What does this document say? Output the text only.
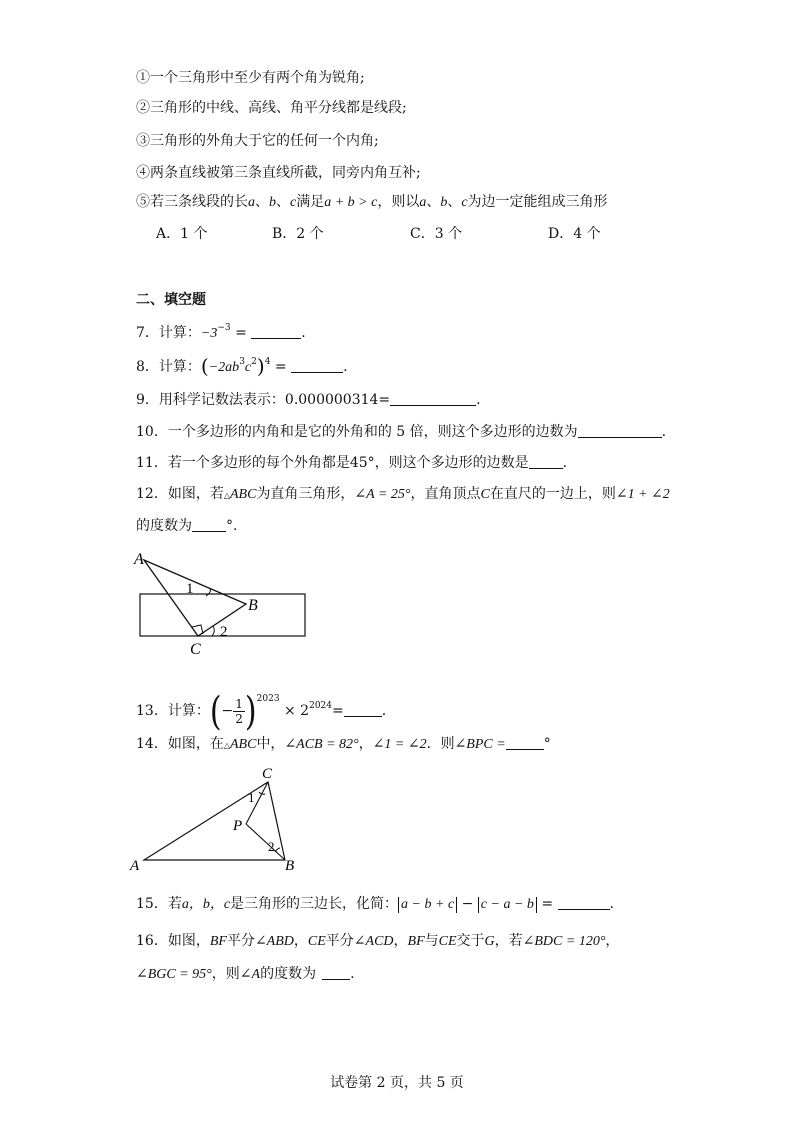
①一个三角形中至少有两个角为锐角;
②三角形的中线、高线、角平分线都是线段;
③三角形的外角大于它的任何一个内角;
④两条直线被第三条直线所截，同旁内角互补;
⑤若三条线段的长a、b、c满足a + b > c，则以a、b、c为边一定能组成三角形
A．1 个	B．2 个	C．3 个	D．4 个
二、填空题
7．计算：$-3^{-3}$ =	.
8．计算：$(-2ab^3c^2)^4$ =	.
9．用科学记数法表示：0.000000314=	.
10．一个多边形的内角和是它的外角和的 5 倍，则这个多边形的边数为	.
11．若一个多边形的每个外角都是45°，则这个多边形的边数是 .
12．如图，若△ABC为直角三角形，∠A = 25°，直角顶点C在直尺的一边上，则∠1 + ∠2
的度数为 °.
A
B
C
1
2
13．计算：(− $\frac{1}{2} )^{2023} \times 2^{2024}=$	.
14．如图，在△ABC中，∠ACB = 82°，∠1 = ∠2．则∠BPC =	°
C
P
A	B
1
2
15．若a，b，c是三角形的三边长，化简： a − b + c − c − a − b =	.
16．如图，BF平分∠ABD，CE平分∠ACD，BF与CE交于G，若∠BDC = 120°，
∠BGC = 95°，则∠A的度数为 .
试卷第 2 页，共 5 页
